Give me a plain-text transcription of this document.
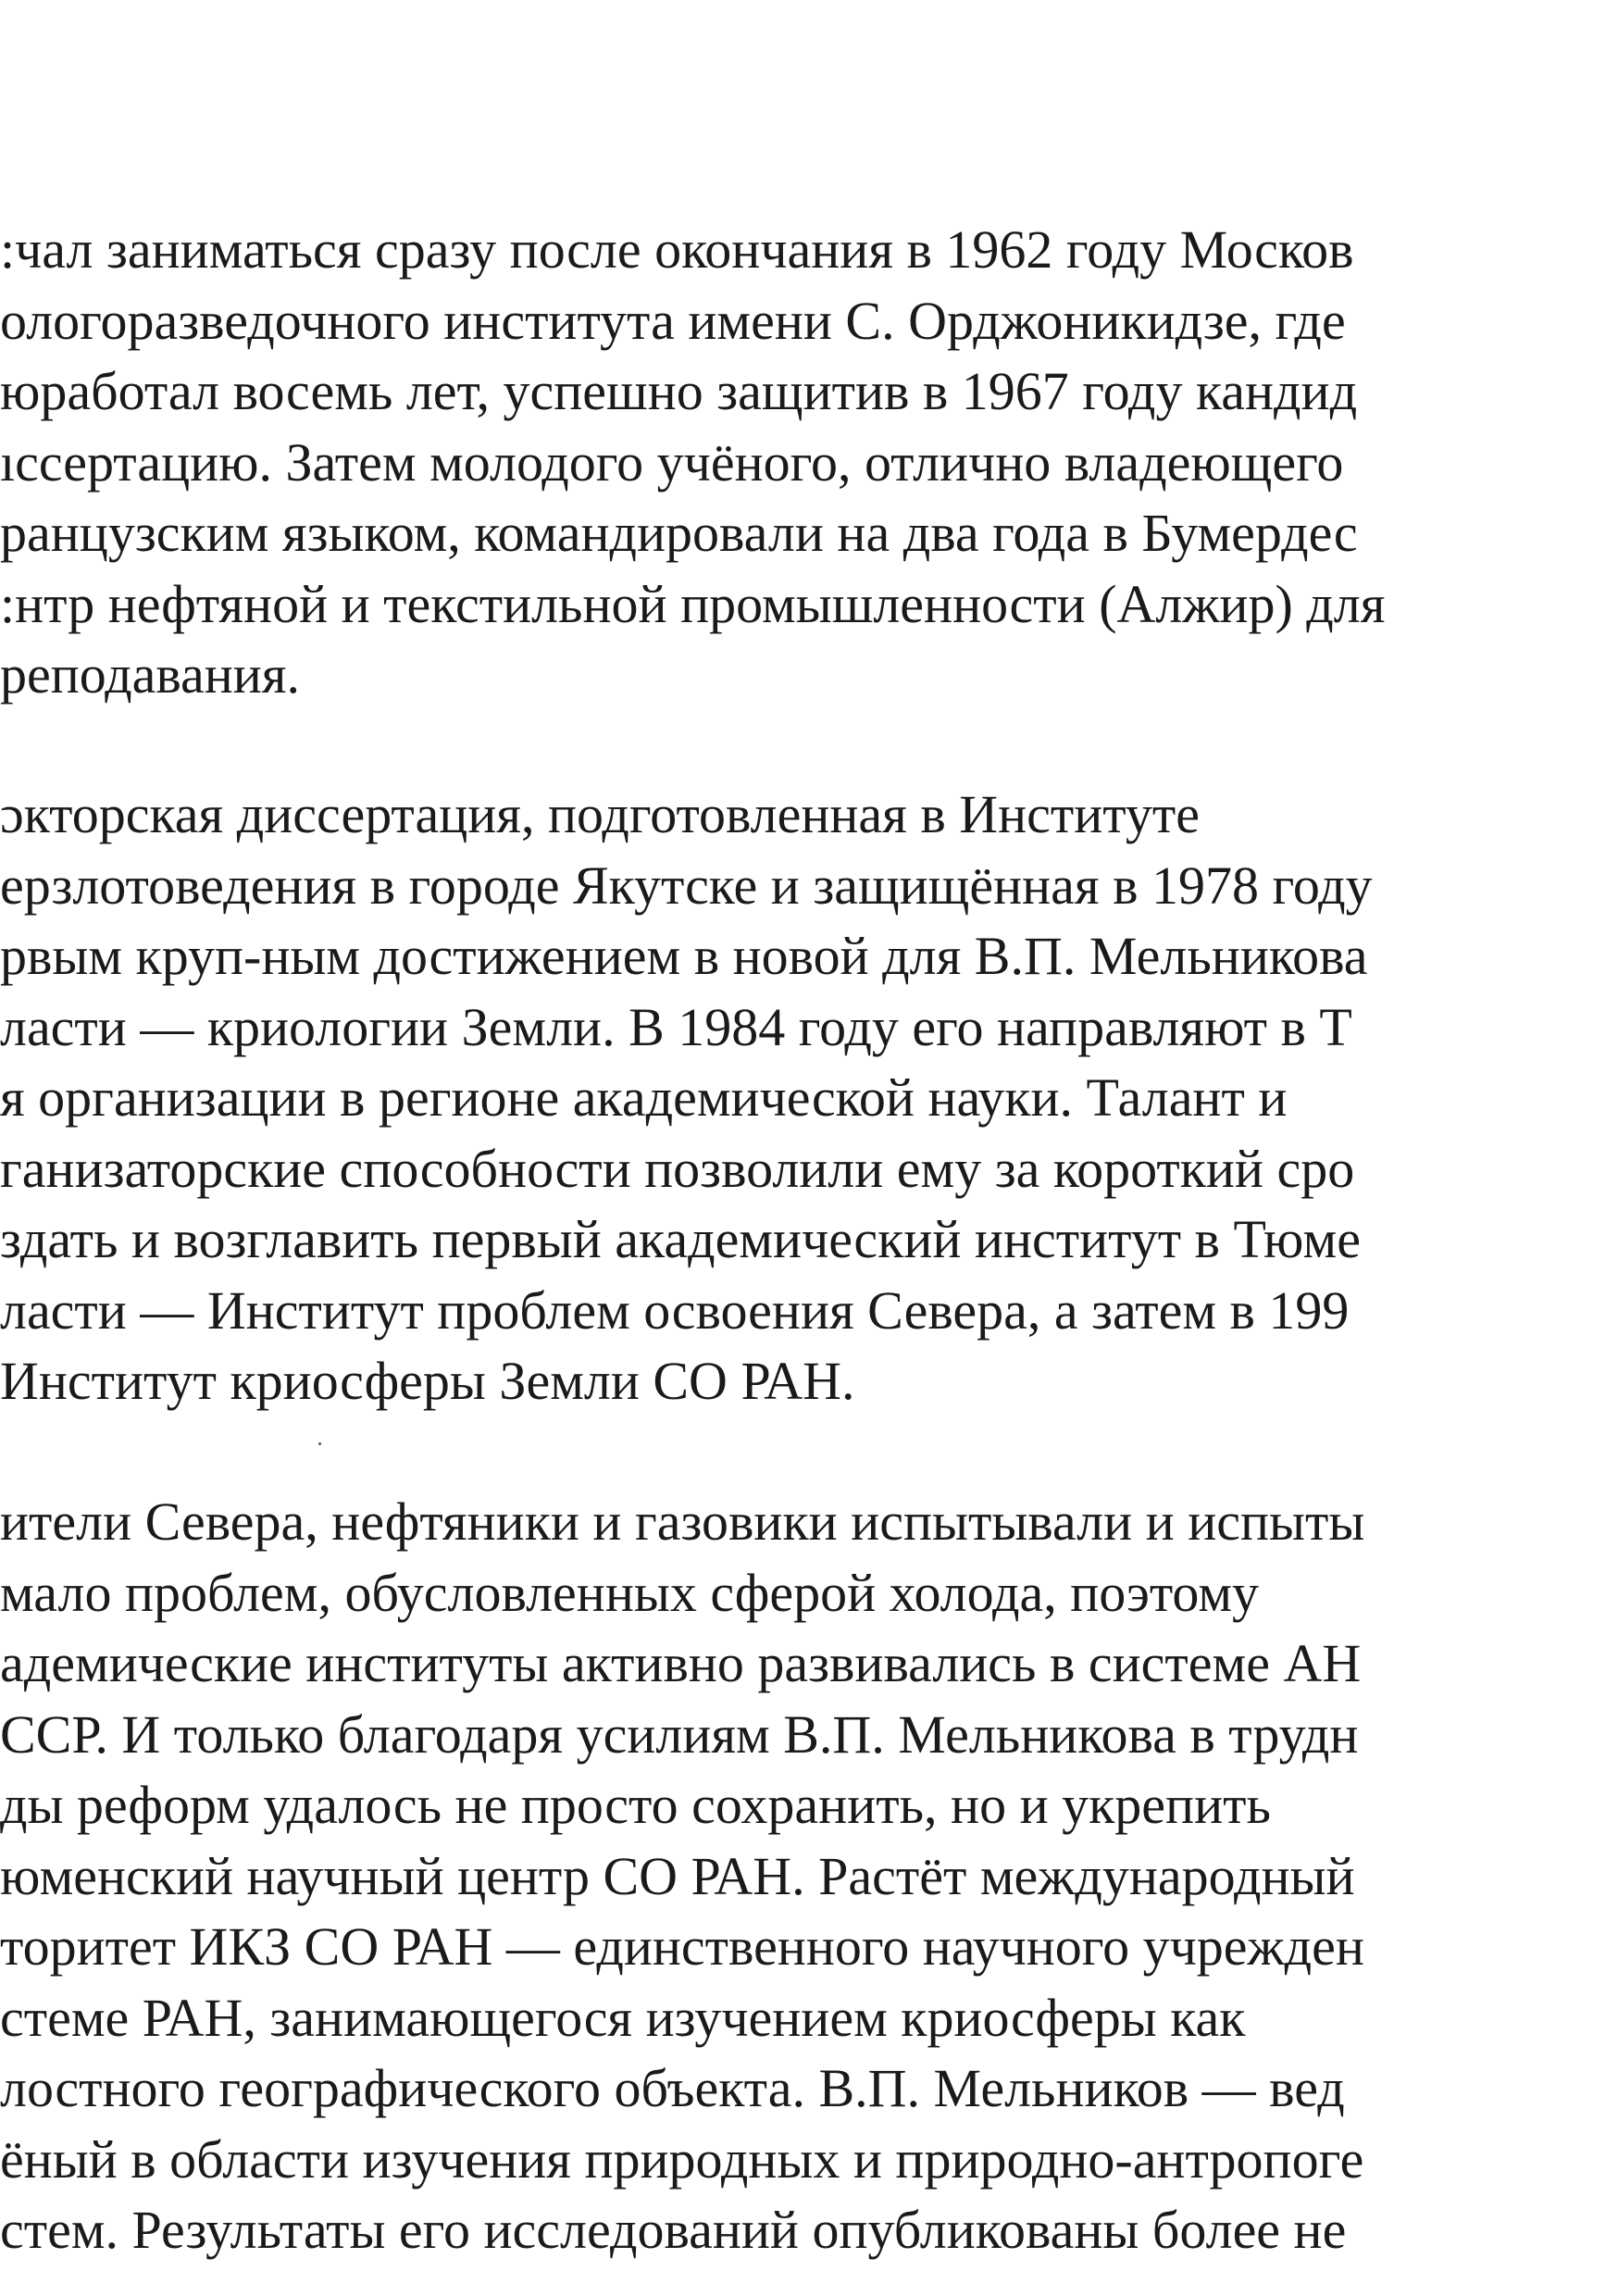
:чал заниматься сразу после окончания в 1962 году Москов
ологоразведочного института имени С. Орджоникидзе, где
юработал восемь лет, успешно защитив в 1967 году кандид
ıссертацию. Затем молодого учёного, отлично владеющего
ранцузским языком, командировали на два года в Бумердес
:нтр нефтяной и текстильной промышленности (Алжир) для
реподавания.
ɔкторская диссертация, подготовленная в Институте
ерзлотоведения в городе Якутске и защищённая в 1978 году
рвым круп-ным достижением в новой для В.П. Мельникова
ласти — криологии Земли. В 1984 году его направляют в Т
я организации в регионе академической науки. Талант и
ганизаторские способности позволили ему за короткий сро
здать и возглавить первый академический институт в Тюме
ласти — Институт проблем освоения Севера, а затем в 199
Институт криосферы Земли СО РАН.
ители Севера, нефтяники и газовики испытывали и испыты
мало проблем, обусловленных сферой холода, поэтому
адемические институты активно развивались в системе АН
ССР. И только благодаря усилиям В.П. Мельникова в трудн
ды реформ удалось не просто сохранить, но и укрепить
юменский научный центр СО РАН. Растёт международный
торитет ИКЗ СО РАН — единственного научного учрежден
стеме РАН, занимающегося изучением криосферы как
лостного географического объекта. В.П. Мельников — вед
ёный в области изучения природных и природно-антропоге
стем. Результаты его исследований опубликованы более не
